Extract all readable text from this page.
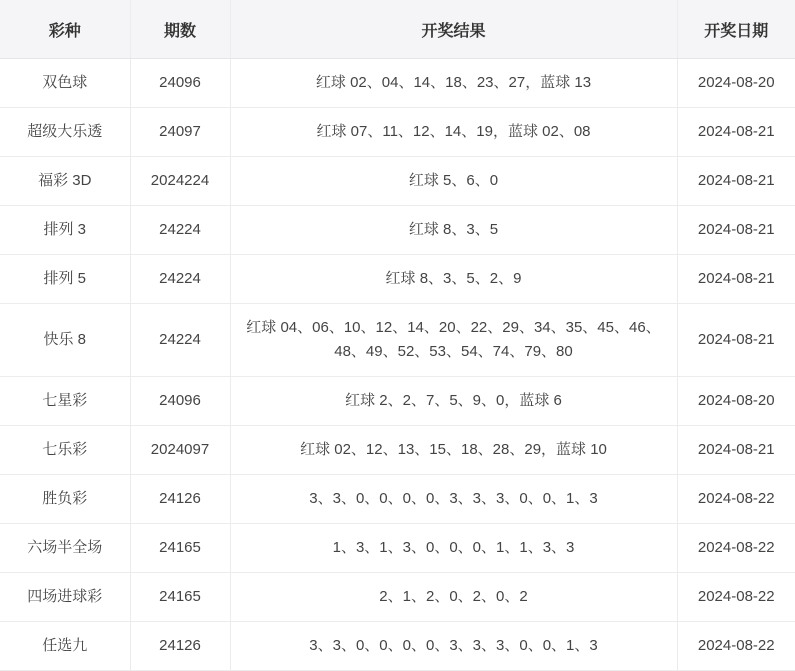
彩种	期数	开奖结果	开奖日期
双色球	24096	红球 02、04、14、18、23、27，蓝球 13	2024-08-20
超级大乐透	24097	红球 07、11、12、14、19，蓝球 02、08	2024-08-21
福彩 3D	2024224	红球 5、6、0	2024-08-21
排列 3	24224	红球 8、3、5	2024-08-21
排列 5	24224	红球 8、3、5、2、9	2024-08-21
快乐 8	24224	红球 04、06、10、12、14、20、22、29、34、35、45、46、48、49、52、53、54、74、79、80	2024-08-21
七星彩	24096	红球 2、2、7、5、9、0，蓝球 6	2024-08-20
七乐彩	2024097	红球 02、12、13、15、18、28、29，蓝球 10	2024-08-21
胜负彩	24126	3、3、0、0、0、0、3、3、3、0、0、1、3	2024-08-22
六场半全场	24165	1、3、1、3、0、0、0、1、1、3、3	2024-08-22
四场进球彩	24165	2、1、2、0、2、0、2	2024-08-22
任选九	24126	3、3、0、0、0、0、3、3、3、0、0、1、3	2024-08-22
